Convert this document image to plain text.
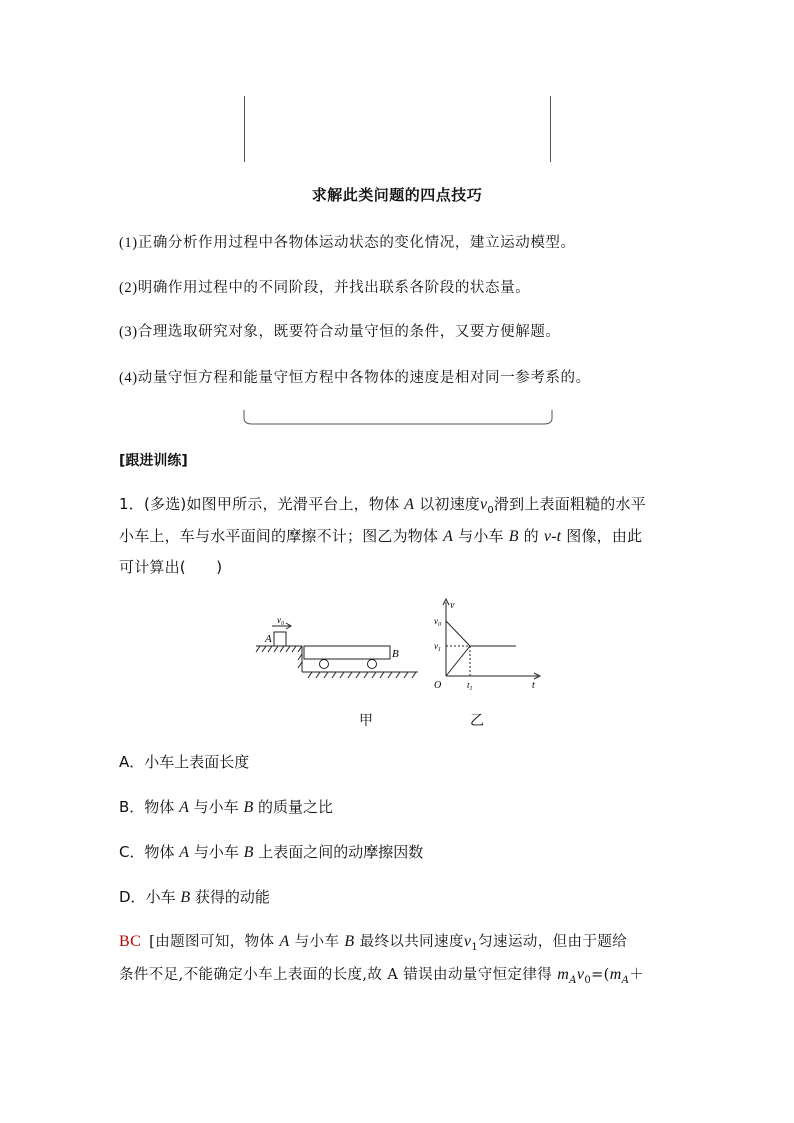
求解此类问题的四点技巧
(1)正确分析作用过程中各物体运动状态的变化情况，建立运动模型。
(2)明确作用过程中的不同阶段，并找出联系各阶段的状态量。
(3)合理选取研究对象，既要符合动量守恒的条件，又要方便解题。
(4)动量守恒方程和能量守恒方程中各物体的速度是相对同一参考系的。
[跟进训练]
1．(多选)如图甲所示，光滑平台上，物体 A 以初速度$v_0$滑到上表面粗糙的水平
小车上，车与水平面间的摩擦不计；图乙为物体 A 与小车 B 的 v-t 图像，由此
可计算出(　　)
$v_0$
A
B
v
t
O
$v_0$
$v_1$
$t_1$
甲	乙
A．小车上表面长度
B．物体 A 与小车 B 的质量之比
C．物体 A 与小车 B 上表面之间的动摩擦因数
D．小车 B 获得的动能
BC [由题图可知，物体 A 与小车 B 最终以共同速度$v_1$匀速运动，但由于题给
条件不足,不能确定小车上表面的长度,故 A 错误由动量守恒定律得 $m_Av_0=(m_A+$
